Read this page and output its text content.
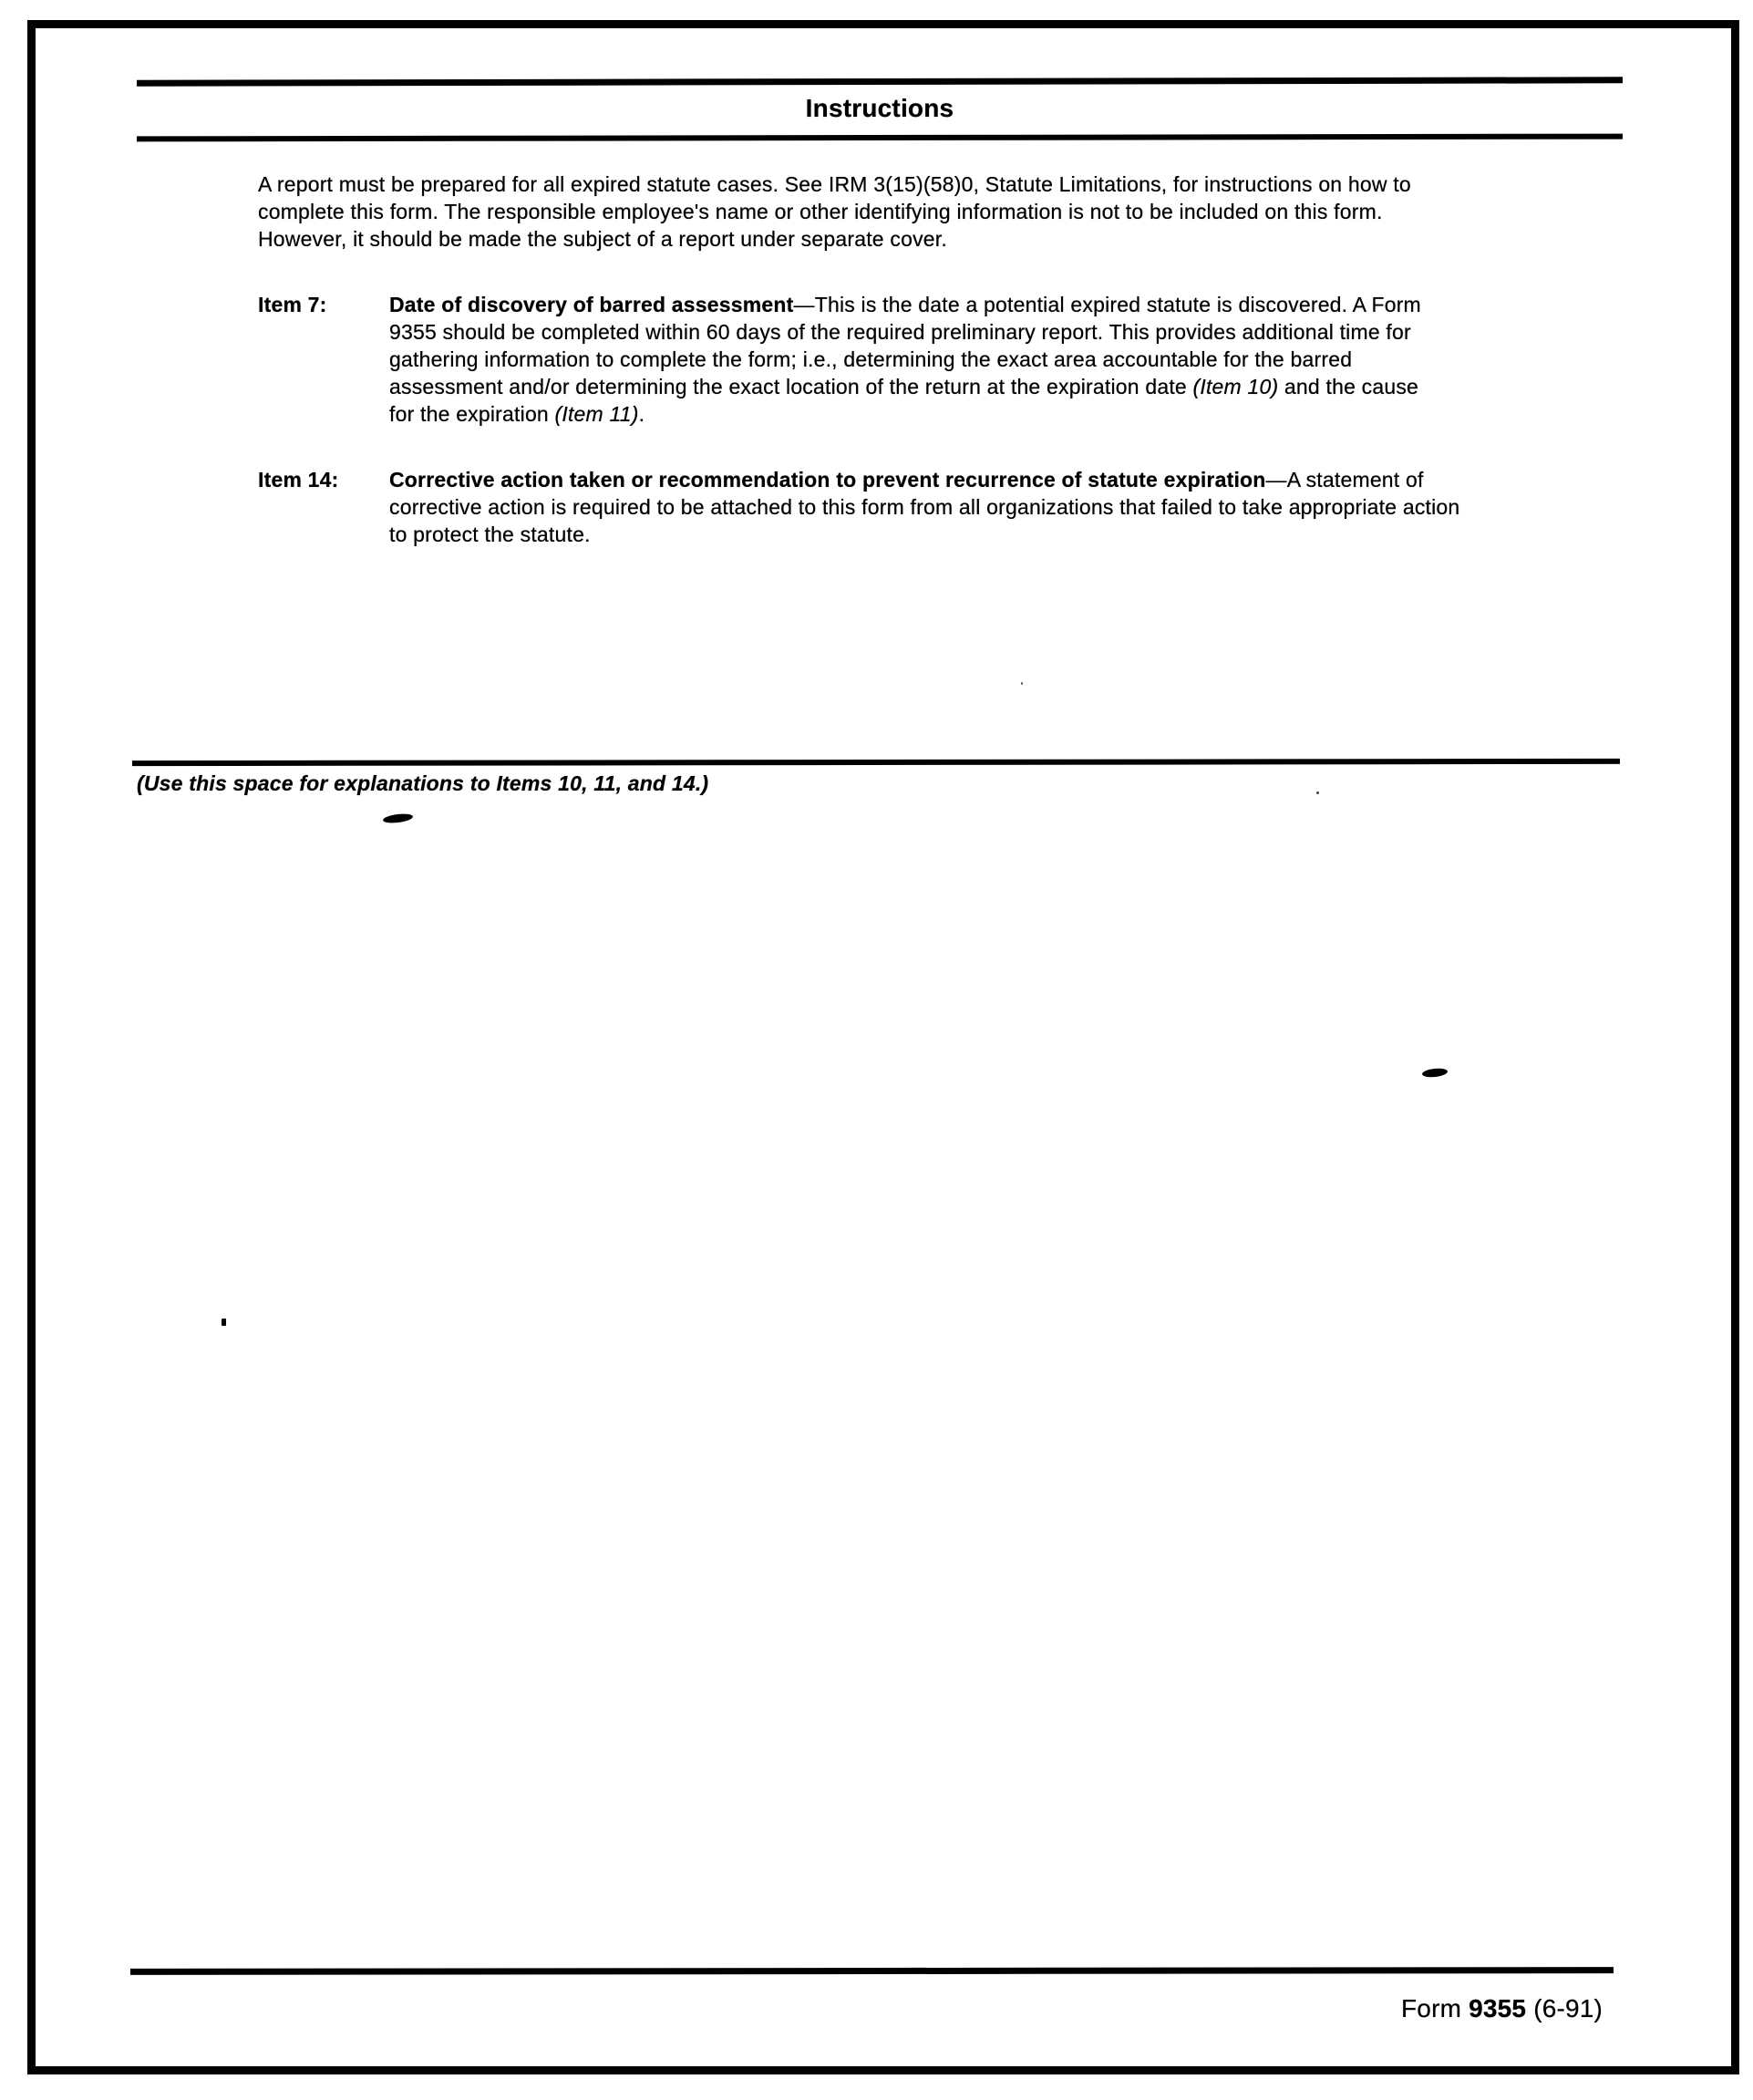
Instructions
A report must be prepared for all expired statute cases. See IRM 3(15)(58)0, Statute Limitations, for instructions on how to complete this form. The responsible employee's name or other identifying information is not to be included on this form. However, it should be made the subject of a report under separate cover.
Item 7:	Date of discovery of barred assessment—This is the date a potential expired statute is discovered. A Form 9355 should be completed within 60 days of the required preliminary report. This provides additional time for gathering information to complete the form; i.e., determining the exact area accountable for the barred assessment and/or determining the exact location of the return at the expiration date (Item 10) and the cause for the expiration (Item 11).
Item 14: Corrective action taken or recommendation to prevent recurrence of statute expiration—A statement of corrective action is required to be attached to this form from all organizations that failed to take appropriate action to protect the statute.
(Use this space for explanations to Items 10, 11, and 14.)
Form 9355 (6-91)
